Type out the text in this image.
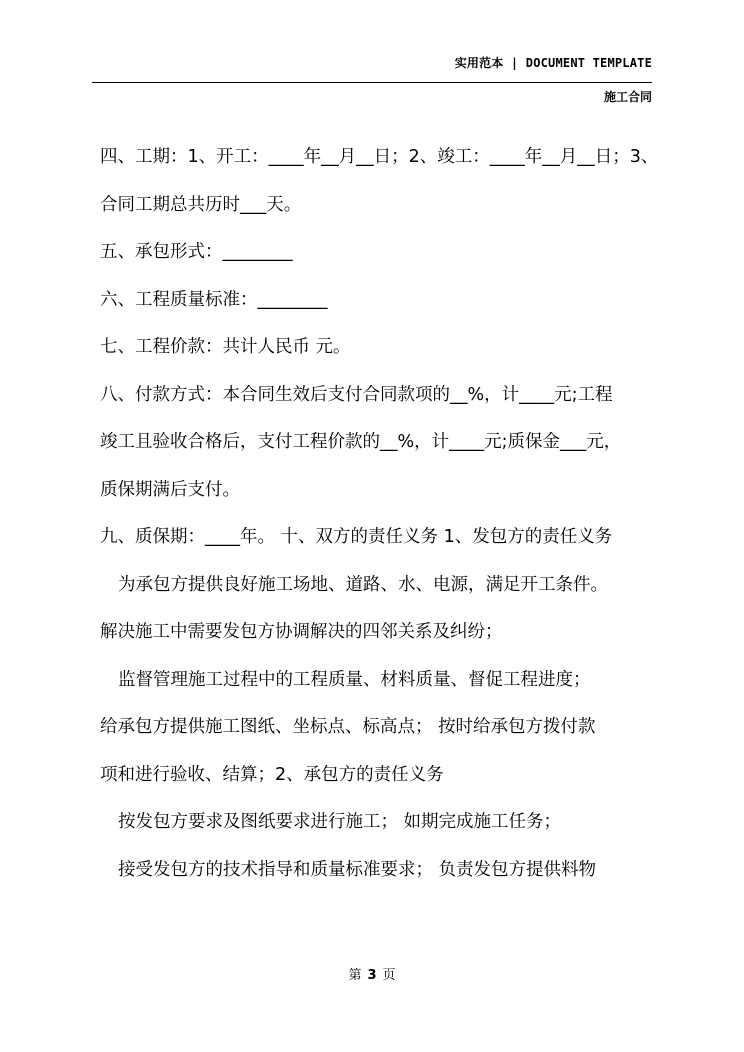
实用范本 | DOCUMENT TEMPLATE
施工合同
四、工期：1、开工：____年__月__日；2、竣工：____年__月__日；3、
合同工期总共历时___天。
五、承包形式：________
六、工程质量标准：________
七、工程价款：共计人民币 元。
八、付款方式：本合同生效后支付合同款项的__%，计____元;工程
竣工且验收合格后，支付工程价款的__%，计____元;质保金___元，
质保期满后支付。
九、质保期：____年。 十、双方的责任义务 1、发包方的责任义务
为承包方提供良好施工场地、道路、水、电源，满足开工条件。
解决施工中需要发包方协调解决的四邻关系及纠纷；
监督管理施工过程中的工程质量、材料质量、督促工程进度；
给承包方提供施工图纸、坐标点、标高点； 按时给承包方拨付款
项和进行验收、结算；2、承包方的责任义务
按发包方要求及图纸要求进行施工； 如期完成施工任务；
接受发包方的技术指导和质量标准要求； 负责发包方提供料物
第 3 页
